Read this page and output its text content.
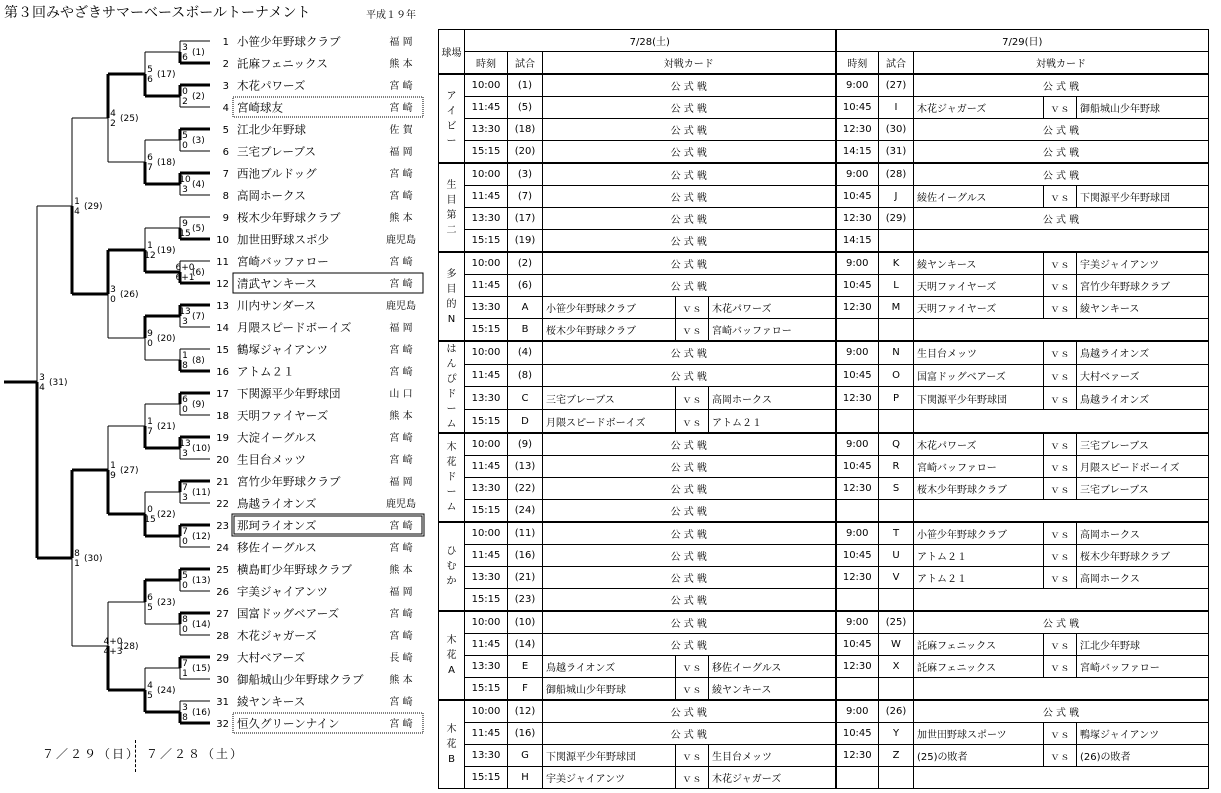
第３回みやざきサマーベースボールトーナメント	平成１９年
1 小笹少年野球クラブ	福 岡
2 託麻フェニックス	熊 本
3 木花パワーズ	宮 崎
4 宮崎球友	宮 崎
5 江北少年野球	佐 賀
6 三宅ブレーブス	福 岡
7 西池ブルドッグ	宮 崎
8 高岡ホークス	宮 崎
9 桜木少年野球クラブ	熊 本
10 加世田野球スポ少	鹿児島
11 宮崎バッファロー	宮 崎
12 清武ヤンキース	宮 崎
13 川内サンダース	鹿児島
14 月隈スピードボーイズ	福 岡
15 鶴塚ジャイアンツ	宮 崎
16 アトム２１	宮 崎
17 下関源平少年野球団	山 口
18 天明ファイヤーズ	熊 本
19 大淀イーグルス	宮 崎
20 生目台メッツ	宮 崎
21 宮竹少年野球クラブ	福 岡
22 鳥越ライオンズ	鹿児島
23 那珂ライオンズ	宮 崎
24 移佐イーグルス	宮 崎
25 横島町少年野球クラブ	熊 本
26 宇美ジャイアンツ	福 岡
27 国富ドッグベアーズ	宮 崎
28 木花ジャガーズ	宮 崎
29 大村ベアーズ	長 崎
30 御船城山少年野球クラブ	熊 本
31 綾ヤンキース	宮 崎
32 恒久グリーンナイン	宮 崎
3
6 (1)
0
2 (2)
5
0 (3)
10
3 (4)
9
15 (5)
6+0
6+1
(6)
13
3 (7)
1
8 (8)
6
0 (9)
13
3 (10)
7
3 (11)
7
0 (12)
5
0 (13)
8
0 (14)
7
1 (15)
3
8 (16)
5
6 (17)
6
7 (18)
1
12 (19)
9
0 (20)
1
7 (21)
0
15 (22)
6
5 (23)
4
5 (24)
4
2 (25)
3
0 (26)
1
9 (27)
4+0
4+3
(28)
1
4 (29)
8
1 (30)
3
4 (31)
７／２９（日） ７／２８（土）
球場	7/28(土)					7/29(日)				
	時刻	試合	対戦カード			時刻	試合	対戦カード		
アイビー	10:00	(1)	公 式 戦			9:00	(27)	公 式 戦		
	11:45	(5)	公 式 戦			10:45	I	木花ジャガーズ	ｖｓ	御船城山少年野球
	13:30	(18)	公 式 戦			12:30	(30)	公 式 戦		
	15:15	(20)	公 式 戦			14:15	(31)	公 式 戦		
生目第二	10:00	(3)	公 式 戦			9:00	(28)	公 式 戦		
	11:45	(7)	公 式 戦			10:45	J	綾佐イーグルス	ｖｓ	下関源平少年野球団
	13:30	(17)	公 式 戦			12:30	(29)	公 式 戦		
	15:15	(19)	公 式 戦			14:15				
多目的N	10:00	(2)	公 式 戦			9:00	K	綾ヤンキース	ｖｓ	宇美ジャイアンツ
	11:45	(6)	公 式 戦			10:45	L	天明ファイヤーズ	ｖｓ	宮竹少年野球クラブ
	13:30	A	小笹少年野球クラブ	ｖｓ	木花パワーズ	12:30	M	天明ファイヤーズ	ｖｓ	綾ヤンキース
	15:15	B	桜木少年野球クラブ	ｖｓ	宮崎バッファロー					
はんぴドーム	10:00	(4)	公 式 戦			9:00	N	生目台メッツ	ｖｓ	鳥越ライオンズ
	11:45	(8)	公 式 戦			10:45	O	国富ドッグベアーズ	ｖｓ	大村ベァーズ
	13:30	C	三宅ブレーブス	ｖｓ	高岡ホークス	12:30	P	下関源平少年野球団	ｖｓ	鳥越ライオンズ
	15:15	D	月隈スピードボーイズ	ｖｓ	アトム２１					
木花ドーム	10:00	(9)	公 式 戦			9:00	Q	木花パワーズ	ｖｓ	三宅ブレーブス
	11:45	(13)	公 式 戦			10:45	R	宮崎バッファロー	ｖｓ	月隈スピードボーイズ
	13:30	(22)	公 式 戦			12:30	S	桜木少年野球クラブ	ｖｓ	三宅ブレーブス
	15:15	(24)	公 式 戦							
ひむか	10:00	(11)	公 式 戦			9:00	T	小笹少年野球クラブ	ｖｓ	高岡ホークス
	11:45	(16)	公 式 戦			10:45	U	アトム２１	ｖｓ	桜木少年野球クラブ
	13:30	(21)	公 式 戦			12:30	V	アトム２１	ｖｓ	高岡ホークス
	15:15	(23)	公 式 戦							
木花A	10:00	(10)	公 式 戦			9:00	(25)	公 式 戦		
	11:45	(14)	公 式 戦			10:45	W	託麻フェニックス	ｖｓ	江北少年野球
	13:30	E	鳥越ライオンズ	ｖｓ	移佐イーグルス	12:30	X	託麻フェニックス	ｖｓ	宮崎バッファロー
	15:15	F	御船城山少年野球	ｖｓ	綾ヤンキース					
木花B	10:00	(12)	公 式 戦			9:00	(26)	公 式 戦		
	11:45	(16)	公 式 戦			10:45	Y	加世田野球スポーツ	ｖｓ	鴨塚ジャイアンツ
	13:30	G	下関源平少年野球団	ｖｓ	生目台メッツ	12:30	Z	(25)の敗者	ｖｓ	(26)の敗者
	15:15	H	宇美ジャイアンツ	ｖｓ	木花ジャガーズ					
